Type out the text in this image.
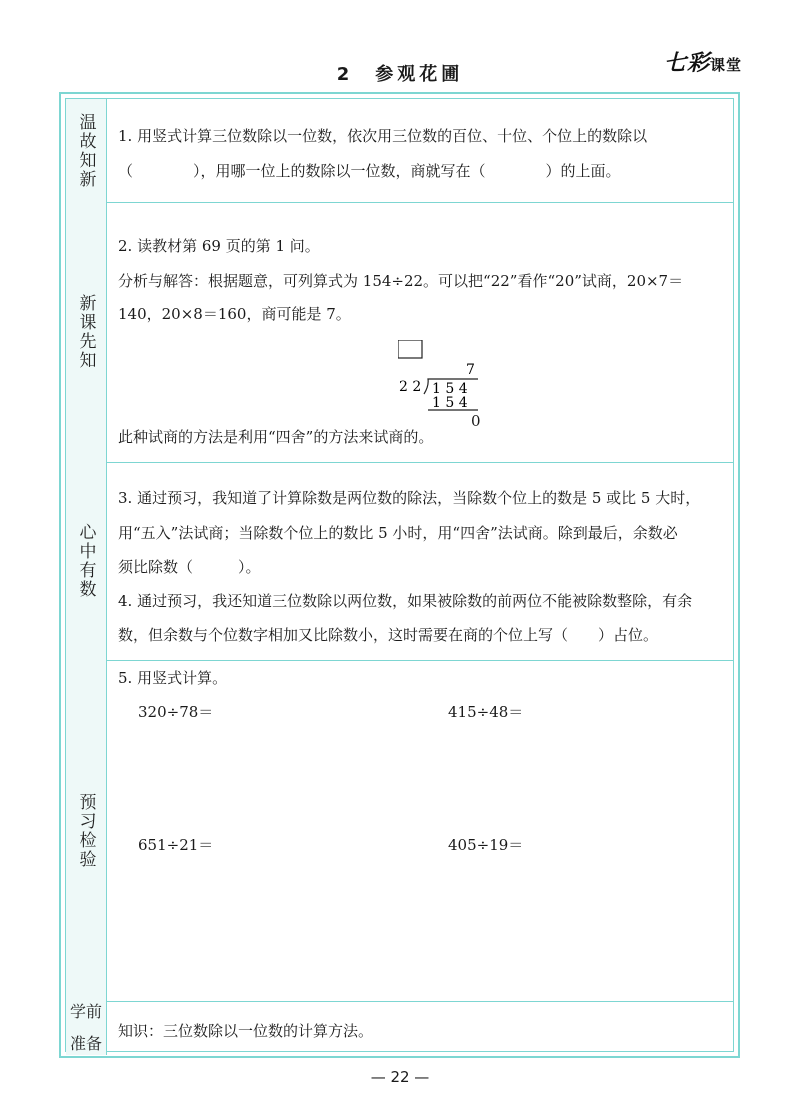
2　参观花圃	七彩课堂
温故知新 1. 用竖式计算三位数除以一位数，依次用三位数的百位、十位、个位上的数除以
（　　　　），用哪一位上的数除以一位数，商就写在（　　　　）的上面。
新课先知
2. 读教材第 69 页的第 1 问。
分析与解答：根据题意，可列算式为 154÷22。可以把“22”看作“20”试商，20×7＝
140，20×8＝160，商可能是 7。
7
2 2 1 5 4
1 5 4
0
此种试商的方法是利用“四舍”的方法来试商的。
心中有数
3. 通过预习，我知道了计算除数是两位数的除法，当除数个位上的数是 5 或比 5 大时，
用“五入”法试商；当除数个位上的数比 5 小时，用“四舍”法试商。除到最后，余数必
须比除数（　　　）。
4. 通过预习，我还知道三位数除以两位数，如果被除数的前两位不能被除数整除，有余
数，但余数与个位数字相加又比除数小，这时需要在商的个位上写（　　）占位。
预习检验
5. 用竖式计算。
320÷78＝	415÷48＝
651÷21＝	405÷19＝
学前
准备
知识：三位数除以一位数的计算方法。
— 22 —
